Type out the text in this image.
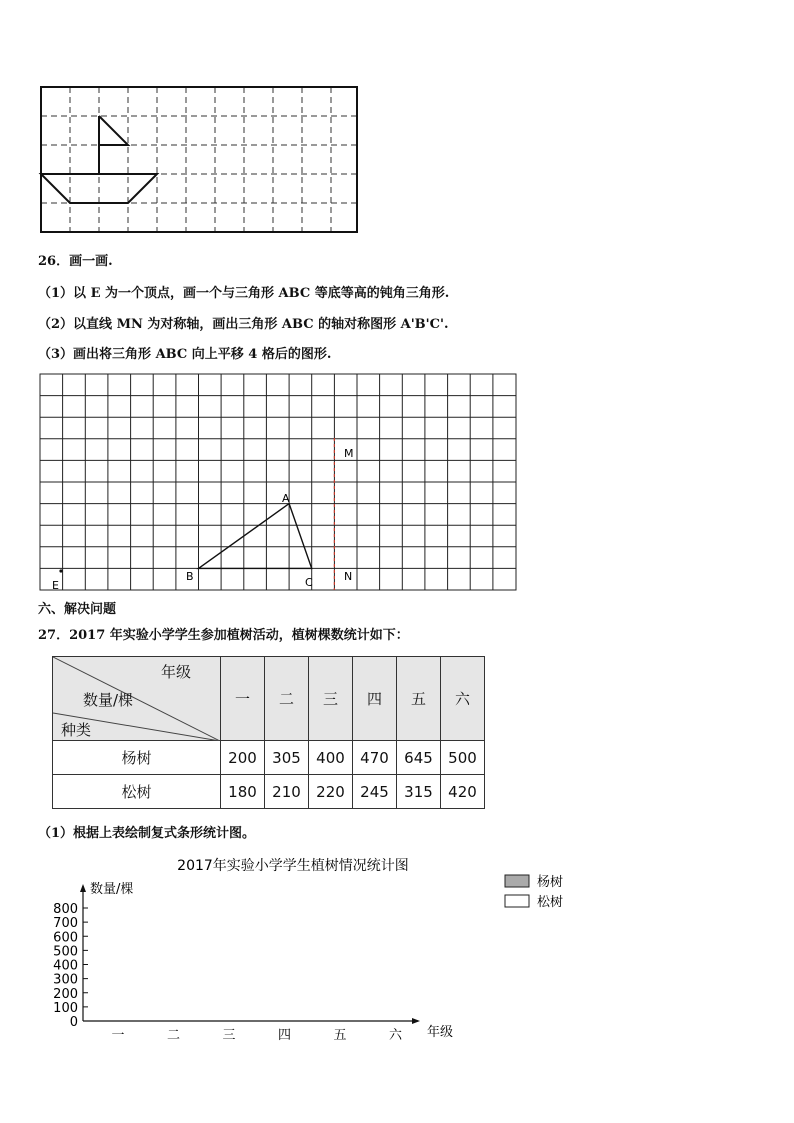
26．画一画.
（1）以 E 为一个顶点，画一个与三角形 ABC 等底等高的钝角三角形.
（2）以直线 MN 为对称轴，画出三角形 ABC 的轴对称图形 A'B'C'.
（3）画出将三角形 ABC 向上平移 4 格后的图形.
A
B	C
M
N
E
六、解决问题
27．2017 年实验小学学生参加植树活动，植树棵数统计如下：
年级
数量/棵
种类	一	二	三	四	五	六
杨树	200	305	400	470	645	500
松树	180	210	220	245	315	420
（1）根据上表绘制复式条形统计图。
2017年实验小学学生植树情况统计图
数量/棵
年级
0
100
200
300
400
500
600
700
800
一	二	三	四	五	六
杨树
松树
